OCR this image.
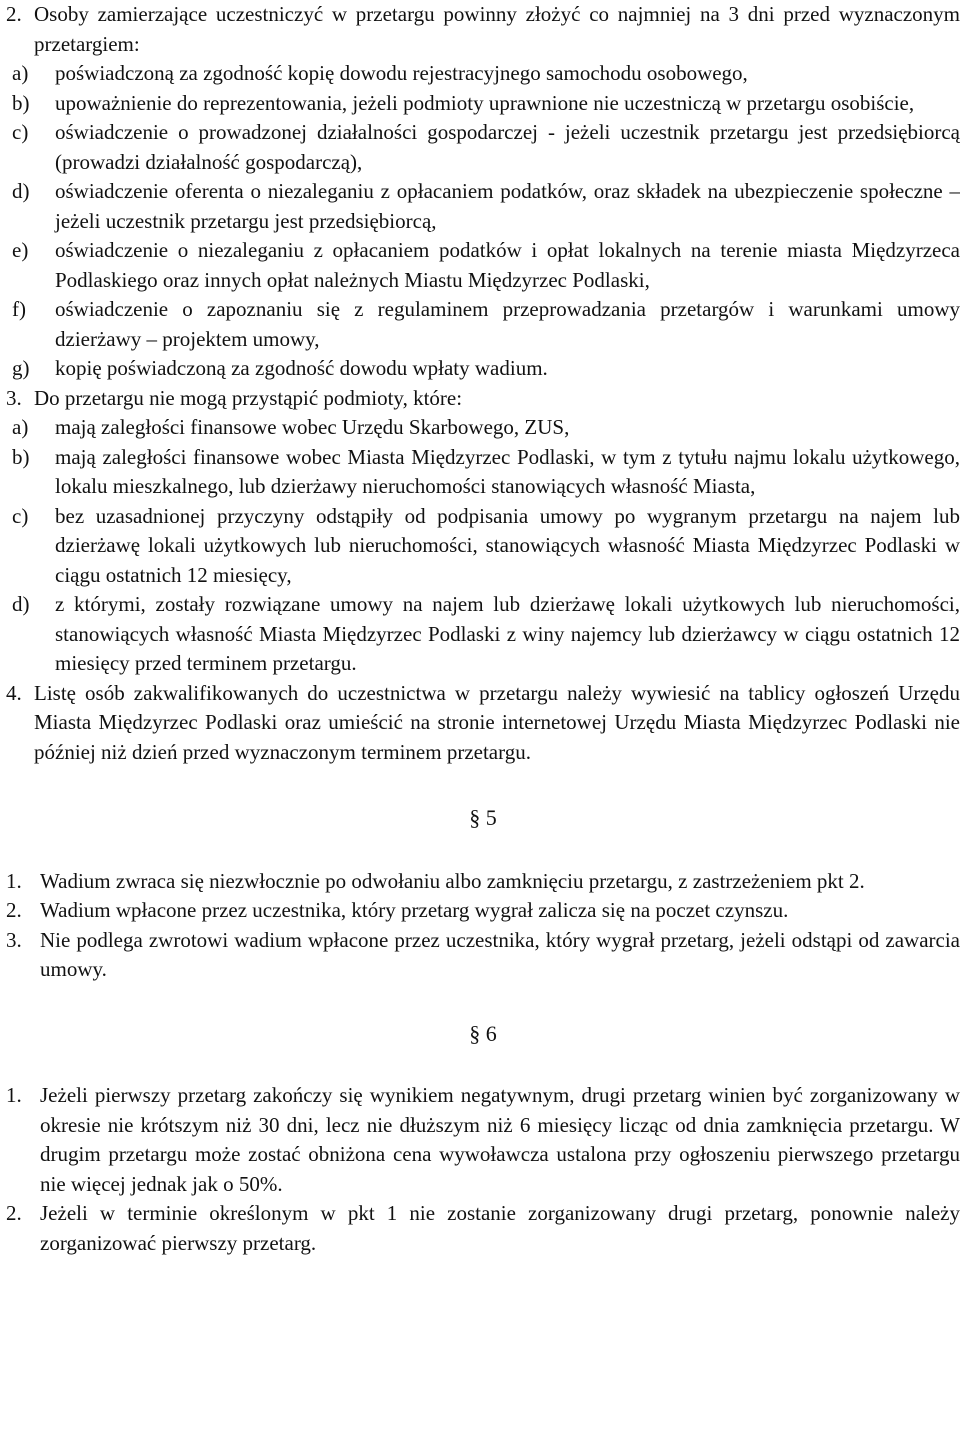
2. Osoby zamierzające uczestniczyć w przetargu powinny złożyć co najmniej na 3 dni przed wyznaczonym przetargiem:
a) poświadczoną za zgodność kopię dowodu rejestracyjnego samochodu osobowego,
b) upoważnienie do reprezentowania, jeżeli podmioty uprawnione nie uczestniczą w przetargu osobiście,
c) oświadczenie o prowadzonej działalności gospodarczej - jeżeli uczestnik przetargu jest przedsiębiorcą (prowadzi działalność gospodarczą),
d) oświadczenie oferenta o niezaleganiu z opłacaniem podatków, oraz składek na ubezpieczenie społeczne – jeżeli uczestnik przetargu jest przedsiębiorcą,
e) oświadczenie o niezaleganiu z opłacaniem podatków i opłat lokalnych na terenie miasta Międzyrzeca Podlaskiego oraz innych opłat należnych Miastu Międzyrzec Podlaski,
f) oświadczenie o zapoznaniu się z regulaminem przeprowadzania przetargów i warunkami umowy dzierżawy – projektem umowy,
g) kopię poświadczoną za zgodność dowodu wpłaty wadium.
3. Do przetargu nie mogą przystąpić podmioty, które:
a) mają zaległości finansowe wobec Urzędu Skarbowego, ZUS,
b) mają zaległości finansowe wobec Miasta Międzyrzec Podlaski, w tym z tytułu najmu lokalu użytkowego, lokalu mieszkalnego, lub dzierżawy nieruchomości stanowiących własność Miasta,
c) bez uzasadnionej przyczyny odstąpiły od podpisania umowy po wygranym przetargu na najem lub dzierżawę lokali użytkowych lub nieruchomości, stanowiących własność Miasta Międzyrzec Podlaski w ciągu ostatnich 12 miesięcy,
d) z którymi, zostały rozwiązane umowy na najem lub dzierżawę lokali użytkowych lub nieruchomości, stanowiących własność Miasta Międzyrzec Podlaski z winy najemcy lub dzierżawcy w ciągu ostatnich 12 miesięcy przed terminem przetargu.
4. Listę osób zakwalifikowanych do uczestnictwa w przetargu należy wywiesić na tablicy ogłoszeń Urzędu Miasta Międzyrzec Podlaski oraz umieścić na stronie internetowej Urzędu Miasta Międzyrzec Podlaski nie później niż dzień przed wyznaczonym terminem przetargu.
§ 5
1. Wadium zwraca się niezwłocznie po odwołaniu albo zamknięciu przetargu, z zastrzeżeniem pkt 2.
2. Wadium wpłacone przez uczestnika, który przetarg wygrał zalicza się na poczet czynszu.
3. Nie podlega zwrotowi wadium wpłacone przez uczestnika, który wygrał przetarg, jeżeli odstąpi od zawarcia umowy.
§ 6
1. Jeżeli pierwszy przetarg zakończy się wynikiem negatywnym, drugi przetarg winien być zorganizowany w okresie nie krótszym niż 30 dni, lecz nie dłuższym niż 6 miesięcy licząc od dnia zamknięcia przetargu. W drugim przetargu może zostać obniżona cena wywoławcza ustalona przy ogłoszeniu pierwszego przetargu nie więcej jednak jak o 50%.
2. Jeżeli w terminie określonym w pkt 1 nie zostanie zorganizowany drugi przetarg, ponownie należy zorganizować pierwszy przetarg.
